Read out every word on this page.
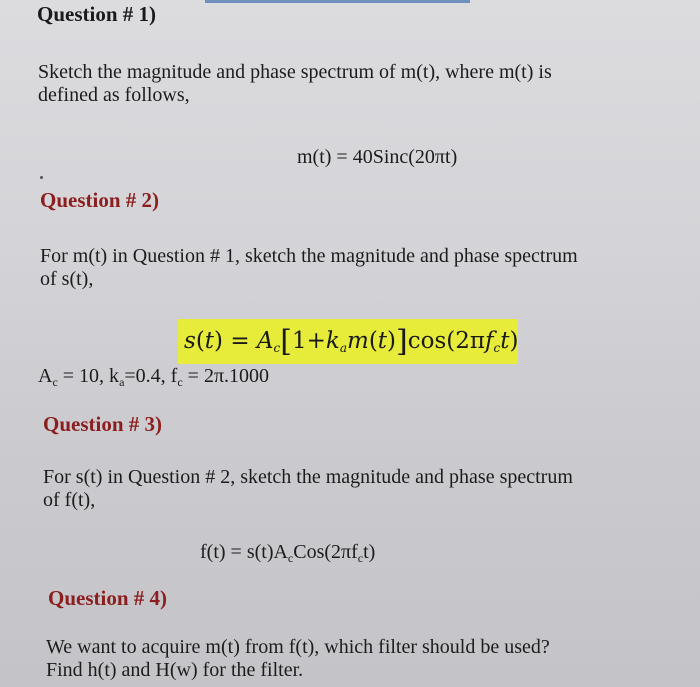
Question # 1)
Sketch the magnitude and phase spectrum of m(t), where m(t) is
defined as follows,
m(t) = 40Sinc(20πt)
Question # 2)
For m(t) in Question # 1, sketch the magnitude and phase spectrum
of s(t),
$s(t) = A_c[1+k_am(t)]\cos(2\pi f_ct)$
$A_c = 10$, $k_a=0.4$, $f_c = 2\pi.1000$
Question # 3)
For s(t) in Question # 2, sketch the magnitude and phase spectrum
of f(t),
$f(t) = s(t)A_cCos(2\pi f_ct)$
Question # 4)
We want to acquire m(t) from f(t), which filter should be used?
Find h(t) and H(w) for the filter.
